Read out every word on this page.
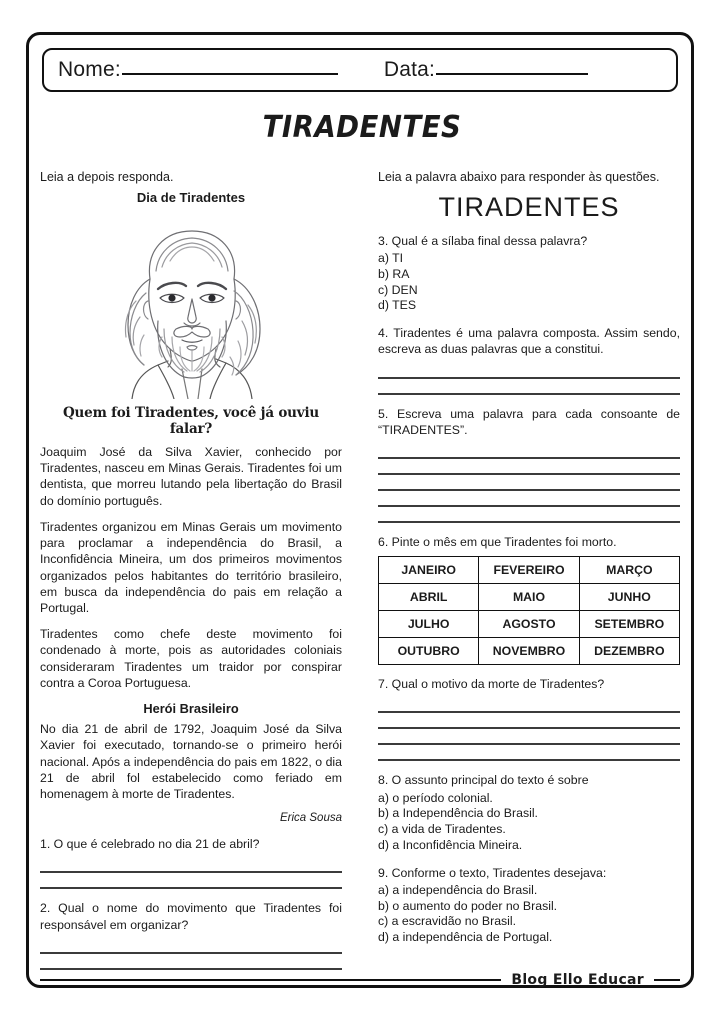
Nome:	Data:
TIRADENTES

Leia a depois responda.

Dia de Tiradentes
Quem foi Tiradentes, você já ouviu falar?

Joaquim José da Silva Xavier, conhecido por Tiradentes, nasceu em Minas Gerais. Tiradentes foi um dentista, que morreu lutando pela libertação do Brasil do domínio português.

Tiradentes organizou em Minas Gerais um movimento para proclamar a independência do Brasil, a Inconfidência Mineira, um dos primeiros movimentos organizados pelos habitantes do território brasileiro, em busca da independência do pais em relação a Portugal.

Tiradentes como chefe deste movimento foi condenado à morte, pois as autoridades coloniais consideraram Tiradentes um traidor por conspirar contra a Coroa Portuguesa.

Herói Brasileiro

No dia 21 de abril de 1792, Joaquim José da Silva Xavier foi executado, tornando-se o primeiro herói nacional. Após a independência do pais em 1822, o dia 21 de abril fol estabelecido como feriado em homenagem à morte de Tiradentes.

Erica Sousa

1. O que é celebrado no dia 21 de abril?

2. Qual o nome do movimento que Tiradentes foi responsável em organizar?

Leia a palavra abaixo para responder às questões.

TIRADENTES

3. Qual é a sílaba final dessa palavra?

a) TI

b) RA

c) DEN

d) TES

4. Tiradentes é uma palavra composta. Assim sendo, escreva as duas palavras que a constitui.

5. Escreva uma palavra para cada consoante de “TIRADENTES”.

6. Pinte o mês em que Tiradentes foi morto.

JANEIRO	FEVEREIRO	MARÇO
ABRIL	MAIO	JUNHO
JULHO	AGOSTO	SETEMBRO
OUTUBRO	NOVEMBRO	DEZEMBRO

7. Qual o motivo da morte de Tiradentes?

8. O assunto principal do texto é sobre

a) o período colonial.

b) a Independência do Brasil.

c) a vida de Tiradentes.

d) a Inconfidência Mineira.

9. Conforme o texto, Tiradentes desejava:

a) a independência do Brasil.

b) o aumento do poder no Brasil.

c) a escravidão no Brasil.

d) a independência de Portugal.

Blog Ello Educar
